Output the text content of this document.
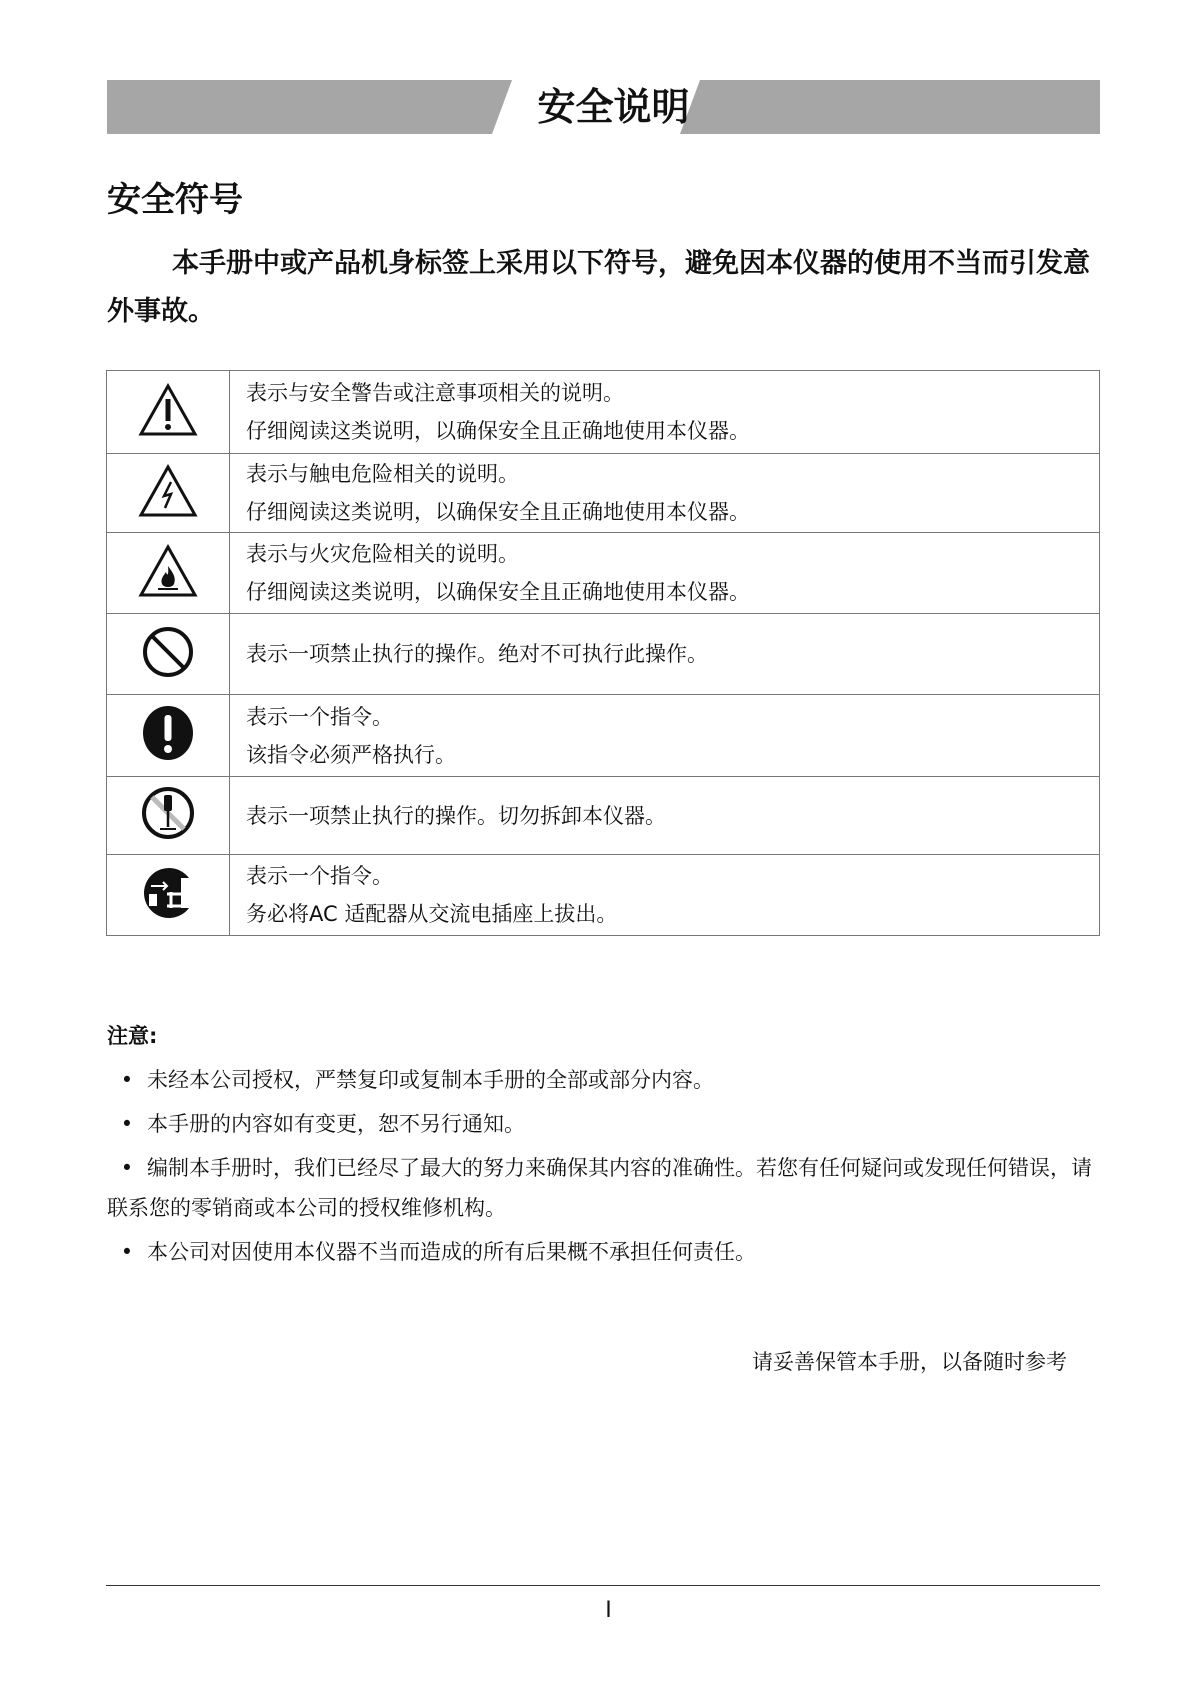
安全说明
安全符号
本手册中或产品机身标签上采用以下符号，避免因本仪器的使用不当而引发意外事故。

表示与安全警告或注意事项相关的说明。
仔细阅读这类说明，以确保安全且正确地使用本仪器。

表示与触电危险相关的说明。
仔细阅读这类说明，以确保安全且正确地使用本仪器。

表示与火灾危险相关的说明。
仔细阅读这类说明，以确保安全且正确地使用本仪器。

表示一项禁止执行的操作。绝对不可执行此操作。

表示一个指令。
该指令必须严格执行。

表示一项禁止执行的操作。切勿拆卸本仪器。

表示一个指令。
务必将AC 适配器从交流电插座上拔出。
注意:
• 未经本公司授权，严禁复印或复制本手册的全部或部分内容。
• 本手册的内容如有变更，恕不另行通知。
• 编制本手册时，我们已经尽了最大的努力来确保其内容的准确性。若您有任何疑问或发现任何错误，请联系您的零销商或本公司的授权维修机构。
• 本公司对因使用本仪器不当而造成的所有后果概不承担任何责任。
请妥善保管本手册，以备随时参考
I
